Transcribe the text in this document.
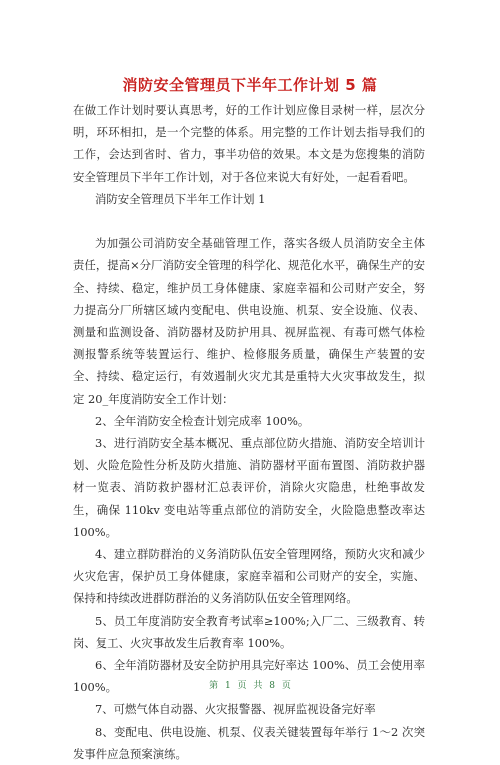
消防安全管理员下半年工作计划 5 篇

在做工作计划时要认真思考，好的工作计划应像目录树一样，层次分明，环环相扣，是一个完整的体系。用完整的工作计划去指导我们的工作，会达到省时、省力，事半功倍的效果。本文是为您搜集的消防安全管理员下半年工作计划，对于各位来说大有好处，一起看看吧。

消防安全管理员下半年工作计划 1

为加强公司消防安全基础管理工作，落实各级人员消防安全主体责任，提高×分厂消防安全管理的科学化、规范化水平，确保生产的安全、持续、稳定，维护员工身体健康、家庭幸福和公司财产安全，努力提高分厂所辖区域内变配电、供电设施、机泵、安全设施、仪表、测量和监测设备、消防器材及防护用具、视屏监视、有毒可燃气体检测报警系统等装置运行、维护、检修服务质量，确保生产装置的安全、持续、稳定运行，有效遏制火灾尤其是重特大火灾事故发生，拟定 20_年度消防安全工作计划：

2、全年消防安全检查计划完成率 100%。

3、进行消防安全基本概况、重点部位防火措施、消防安全培训计划、火险危险性分析及防火措施、消防器材平面布置图、消防救护器材一览表、消防救护器材汇总表评价，消除火灾隐患，杜绝事故发生，确保 110kv 变电站等重点部位的消防安全，火险隐患整改率达 100%。

4、建立群防群治的义务消防队伍安全管理网络，预防火灾和减少火灾危害，保护员工身体健康，家庭幸福和公司财产的安全，实施、保持和持续改进群防群治的义务消防队伍安全管理网络。

5、员工年度消防安全教育考试率≥100%;入厂二、三级教育、转岗、复工、火灾事故发生后教育率 100%。

6、全年消防器材及安全防护用具完好率达 100%、员工会使用率 100%。

7、可燃气体自动器、火灾报警器、视屏监视设备完好率

8、变配电、供电设施、机泵、仪表关键装置每年举行 1～2 次突发事件应急预案演练。

第 1 页 共 8 页
